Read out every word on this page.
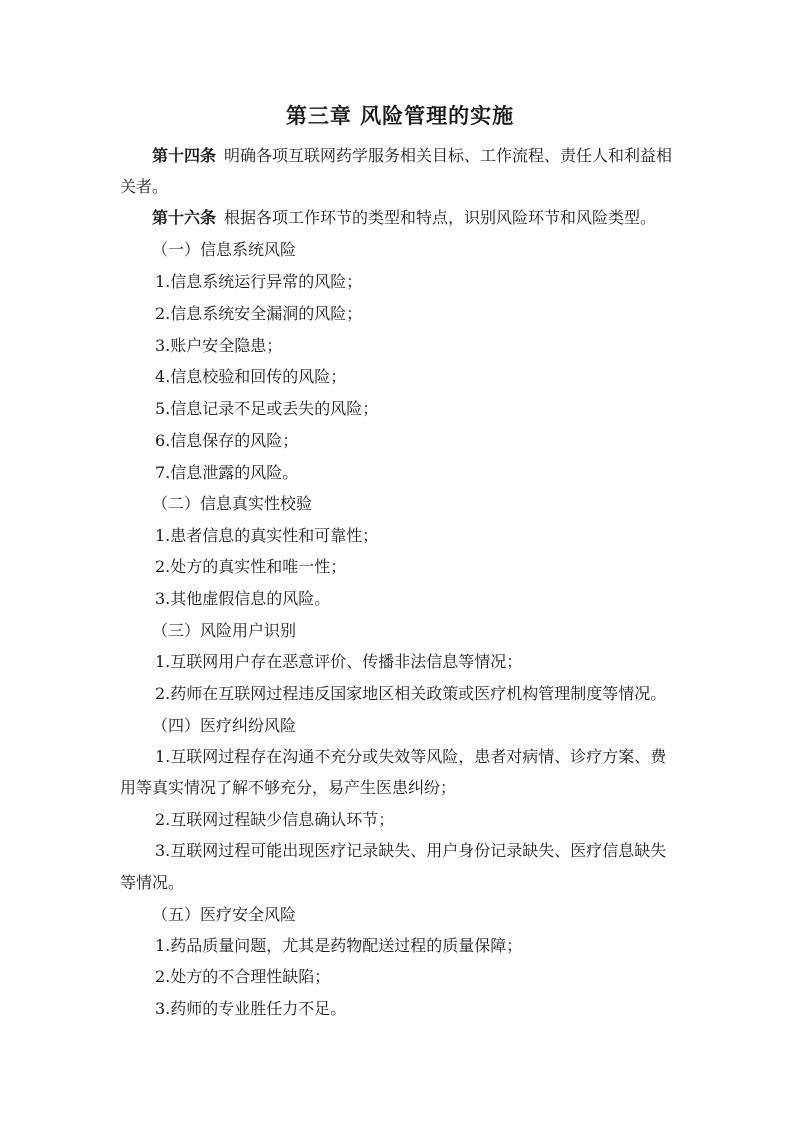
第三章 风险管理的实施
第十四条 明确各项互联网药学服务相关目标、工作流程、责任人和利益相
关者。
第十六条 根据各项工作环节的类型和特点，识别风险环节和风险类型。
（一）信息系统风险
1.信息系统运行异常的风险；
2.信息系统安全漏洞的风险；
3.账户安全隐患；
4.信息校验和回传的风险；
5.信息记录不足或丢失的风险；
6.信息保存的风险；
7.信息泄露的风险。
（二）信息真实性校验
1.患者信息的真实性和可靠性；
2.处方的真实性和唯一性；
3.其他虚假信息的风险。
（三）风险用户识别
1.互联网用户存在恶意评价、传播非法信息等情况；
2.药师在互联网过程违反国家地区相关政策或医疗机构管理制度等情况。
（四）医疗纠纷风险
1.互联网过程存在沟通不充分或失效等风险，患者对病情、诊疗方案、费
用等真实情况了解不够充分，易产生医患纠纷；
2.互联网过程缺少信息确认环节；
3.互联网过程可能出现医疗记录缺失、用户身份记录缺失、医疗信息缺失
等情况。
（五）医疗安全风险
1.药品质量问题，尤其是药物配送过程的质量保障；
2.处方的不合理性缺陷；
3.药师的专业胜任力不足。
